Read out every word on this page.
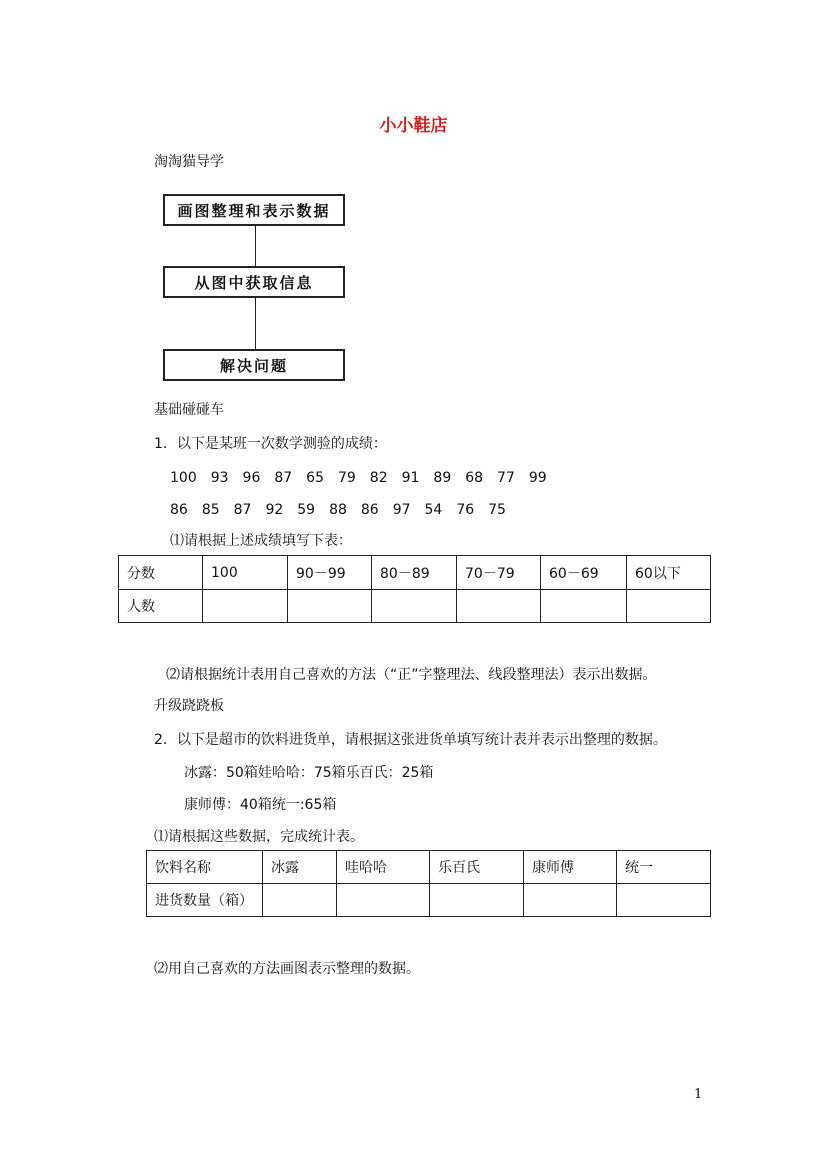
小小鞋店
淘淘猫导学
画图整理和表示数据
从图中获取信息
解决问题
基础碰碰车
1．以下是某班一次数学测验的成绩：
100　93　96　87　65　79　82　91　89　68　77　99
86　85　87　92　59　88　86　97　54　76　75
⑴请根据上述成绩填写下表：
分数	100	90－99	80－89	70－79	60－69	60以下
人数						
⑵请根据统计表用自己喜欢的方法（“正”字整理法、线段整理法）表示出数据。
升级跷跷板
2．以下是超市的饮料进货单，请根据这张进货单填写统计表并表示出整理的数据。
冰露：50箱娃哈哈：75箱乐百氏：25箱
康师傅：40箱统一:65箱
⑴请根据这些数据，完成统计表。
饮料名称	冰露	哇哈哈	乐百氏	康师傅	统一
进货数量（箱）					
⑵用自己喜欢的方法画图表示整理的数据。
1
